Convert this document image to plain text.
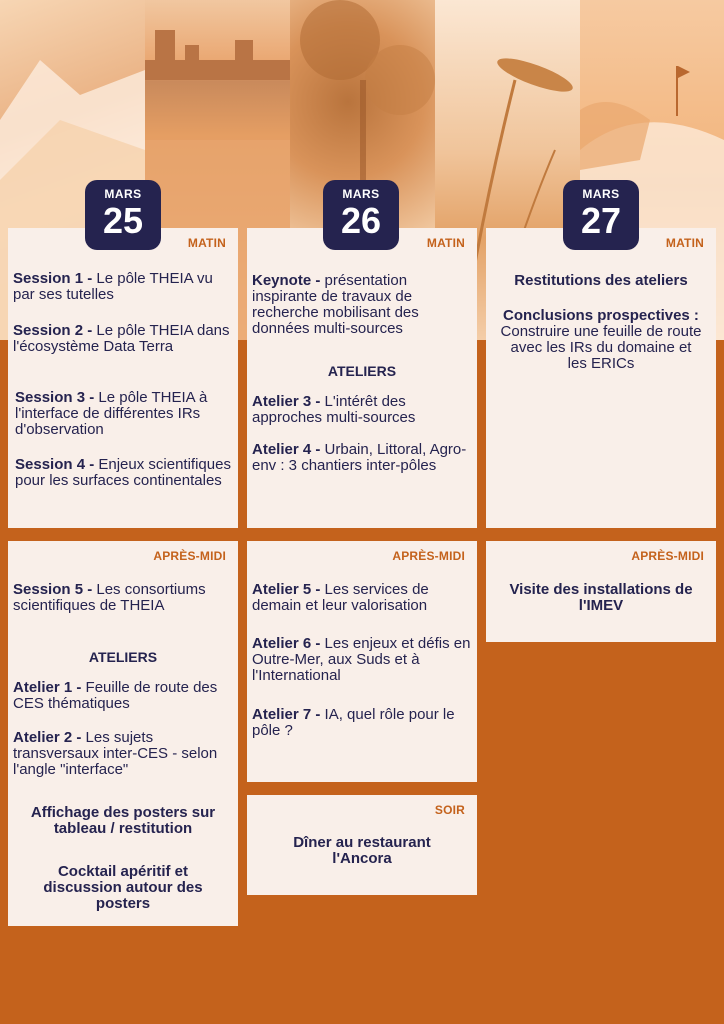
MATIN
Session 1 - Le pôle THEIA vu par ses tutelles
Session 2 - Le pôle THEIA dans l'écosystème Data Terra
Session 3 - Le pôle THEIA à l'interface de différentes IRs d'observation
Session 4 - Enjeux scientifiques pour les surfaces continentales
MATIN
Keynote - présentation inspirante de travaux de recherche mobilisant des données multi-sources
ATELIERS
Atelier 3 - L'intérêt des approches multi-sources
Atelier 4 - Urbain, Littoral, Agro-env : 3 chantiers inter-pôles
MATIN
Restitutions des ateliers
Conclusions prospectives :
Construire une feuille de route avec les IRs du domaine et les ERICs
MARS
25
MARS
26
MARS
27
APRÈS-MIDI
Session 5 - Les consortiums scientifiques de THEIA
ATELIERS
Atelier 1 - Feuille de route des CES thématiques
Atelier 2 - Les sujets transversaux inter-CES - selon l'angle "interface"
Affichage des posters sur tableau / restitution
Cocktail apéritif et discussion autour des posters
APRÈS-MIDI
Atelier 5 - Les services de demain et leur valorisation
Atelier 6 - Les enjeux et défis en Outre-Mer, aux Suds et à l'International
Atelier 7 - IA, quel rôle pour le pôle ?
APRÈS-MIDI
Visite des installations de l'IMEV
SOIR
Dîner au restaurant l'Ancora
